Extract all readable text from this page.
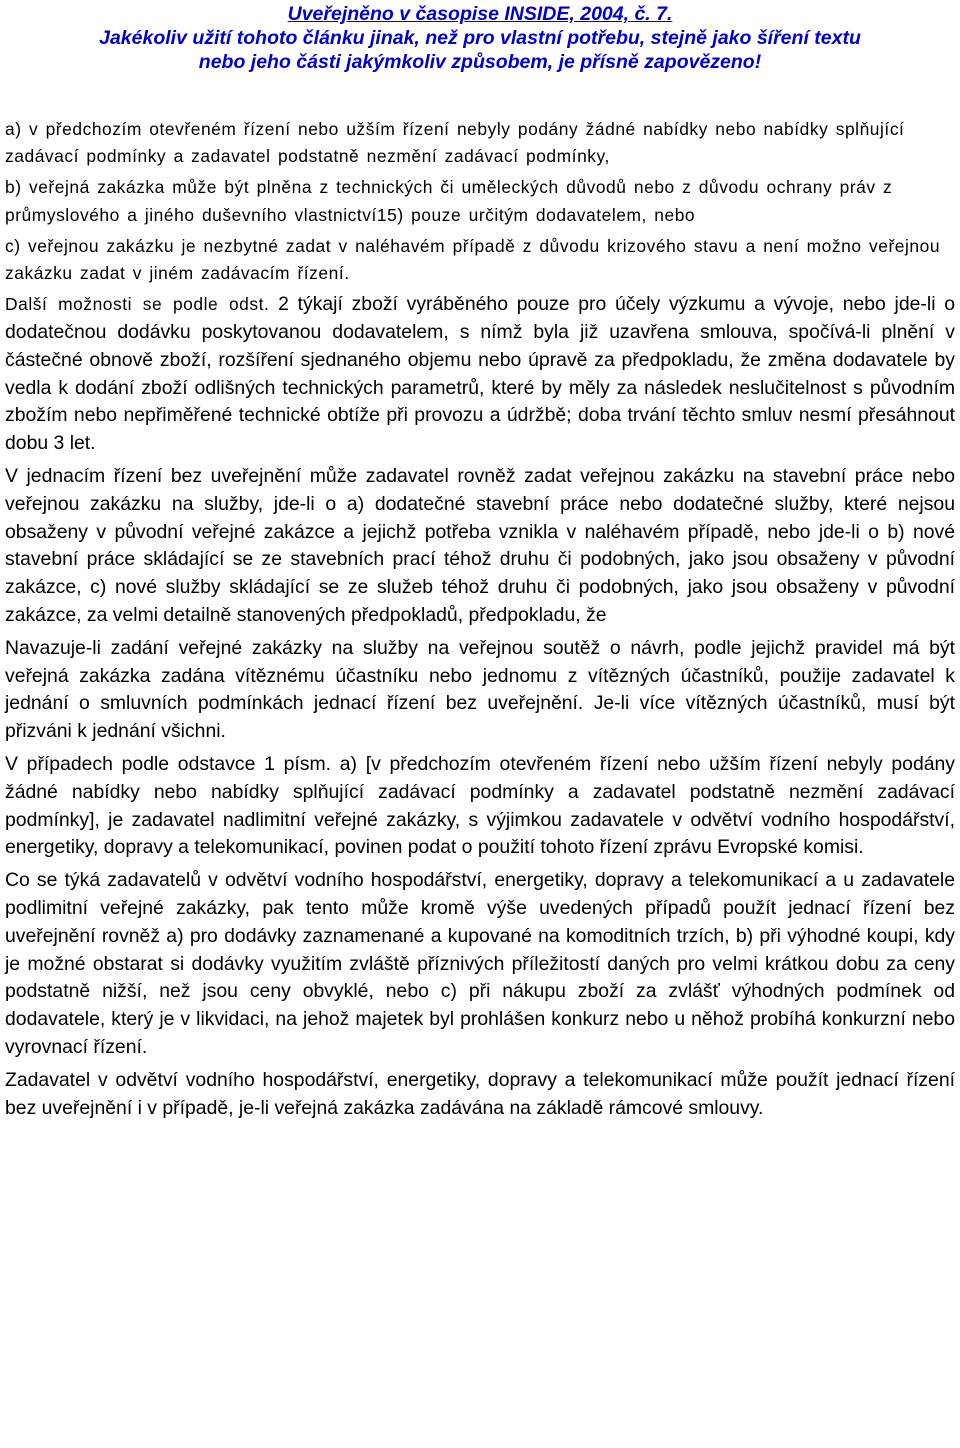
Uveřejněno v časopise INSIDE, 2004, č. 7.
Jakékoliv užití tohoto článku jinak, než pro vlastní potřebu, stejně jako šíření textu
nebo jeho části jakýmkoliv způsobem, je přísně zapovězeno!

a) v předchozím otevřeném řízení nebo užším řízení nebyly podány žádné nabídky nebo nabídky splňující zadávací podmínky a zadavatel podstatně nezmění zadávací podmínky,

b) veřejná zakázka může být plněna z technických či uměleckých důvodů nebo z důvodu ochrany práv z průmyslového a jiného duševního vlastnictví15) pouze určitým dodavatelem, nebo

c) veřejnou zakázku je nezbytné zadat v naléhavém případě z důvodu krizového stavu a není možno veřejnou zakázku zadat v jiném zadávacím řízení.

Další možnosti se podle odst. 2 týkají zboží vyráběného pouze pro účely výzkumu a vývoje, nebo jde-li o dodatečnou dodávku poskytovanou dodavatelem, s nímž byla již uzavřena smlouva, spočívá-li plnění v částečné obnově zboží, rozšíření sjednaného objemu nebo úpravě za předpokladu, že změna dodavatele by vedla k dodání zboží odlišných technických parametrů, které by měly za následek neslučitelnost s původním zbožím nebo nepřiměřené technické obtíže při provozu a údržbě; doba trvání těchto smluv nesmí přesáhnout dobu 3 let.

V jednacím řízení bez uveřejnění může zadavatel rovněž zadat veřejnou zakázku na stavební práce nebo veřejnou zakázku na služby, jde-li o a) dodatečné stavební práce nebo dodatečné služby, které nejsou obsaženy v původní veřejné zakázce a jejichž potřeba vznikla v naléhavém případě, nebo jde-li o b) nové stavební práce skládající se ze stavebních prací téhož druhu či podobných, jako jsou obsaženy v původní zakázce, c) nové služby skládající se ze služeb téhož druhu či podobných, jako jsou obsaženy v původní zakázce, za velmi detailně stanovených předpokladů, předpokladu, že

Navazuje-li zadání veřejné zakázky na služby na veřejnou soutěž o návrh, podle jejichž pravidel má být veřejná zakázka zadána vítěznému účastníku nebo jednomu z vítězných účastníků, použije zadavatel k jednání o smluvních podmínkách jednací řízení bez uveřejnění. Je-li více vítězných účastníků, musí být přizváni k jednání všichni.

V případech podle odstavce 1 písm. a) [v předchozím otevřeném řízení nebo užším řízení nebyly podány žádné nabídky nebo nabídky splňující zadávací podmínky a zadavatel podstatně nezmění zadávací podmínky], je zadavatel nadlimitní veřejné zakázky, s výjimkou zadavatele v odvětví vodního hospodářství, energetiky, dopravy a telekomunikací, povinen podat o použití tohoto řízení zprávu Evropské komisi.

Co se týká zadavatelů v odvětví vodního hospodářství, energetiky, dopravy a telekomunikací a u zadavatele podlimitní veřejné zakázky, pak tento může kromě výše uvedených případů použít jednací řízení bez uveřejnění rovněž a) pro dodávky zaznamenané a kupované na komoditních trzích, b) při výhodné koupi, kdy je možné obstarat si dodávky využitím zvláště příznivých příležitostí daných pro velmi krátkou dobu za ceny podstatně nižší, než jsou ceny obvyklé, nebo c) při nákupu zboží za zvlášť výhodných podmínek od dodavatele, který je v likvidaci, na jehož majetek byl prohlášen konkurz nebo u něhož probíhá konkurzní nebo vyrovnací řízení.

Zadavatel v odvětví vodního hospodářství, energetiky, dopravy a telekomunikací může použít jednací řízení bez uveřejnění i v případě, je-li veřejná zakázka zadávána na základě rámcové smlouvy.
